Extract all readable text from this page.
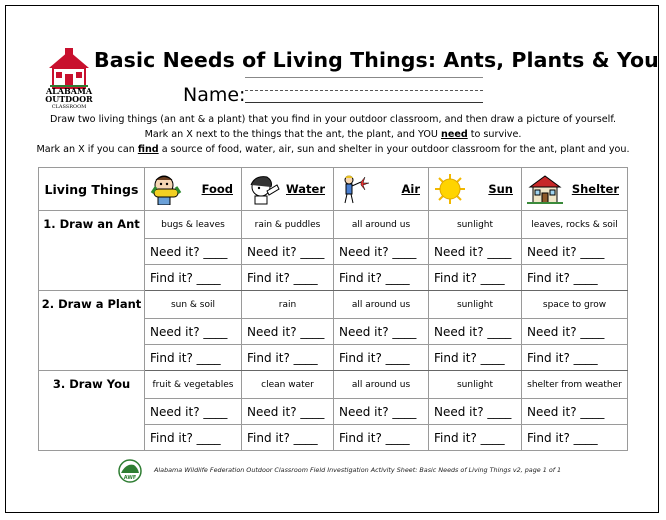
ALABAMA
OUTDOOR
CLASSROOM
Basic Needs of Living Things: Ants, Plants & You
Name:
Draw two living things (an ant & a plant) that you find in your outdoor classroom, and then draw a picture of yourself.
Mark an X next to the things that the ant, the plant, and YOU need to survive.
Mark an X if you can find a source of food, water, air, sun and shelter in your outdoor classroom for the ant, plant and you.
Living Things	Food	Water	Air	Sun	Shelter

1. Draw an Ant	bugs & leaves	rain & puddles	all around us	sunlight	leaves, rocks & soil
	Need it? ____	Need it? ____	Need it? ____	Need it? ____	Need it? ____
	Find it? ____	Find it? ____	Find it? ____	Find it? ____	Find it? ____
2. Draw a Plant	sun & soil	rain	all around us	sunlight	space to grow
	Need it? ____	Need it? ____	Need it? ____	Need it? ____	Need it? ____
	Find it? ____	Find it? ____	Find it? ____	Find it? ____	Find it? ____
3. Draw You	fruit & vegetables	clean water	all around us	sunlight	shelter from weather
	Need it? ____	Need it? ____	Need it? ____	Need it? ____	Need it? ____
	Find it? ____	Find it? ____	Find it? ____	Find it? ____	Find it? ____
AWF
Alabama Wildlife Federation Outdoor Classroom Field Investigation Activity Sheet: Basic Needs of Living Things v2, page 1 of 1
